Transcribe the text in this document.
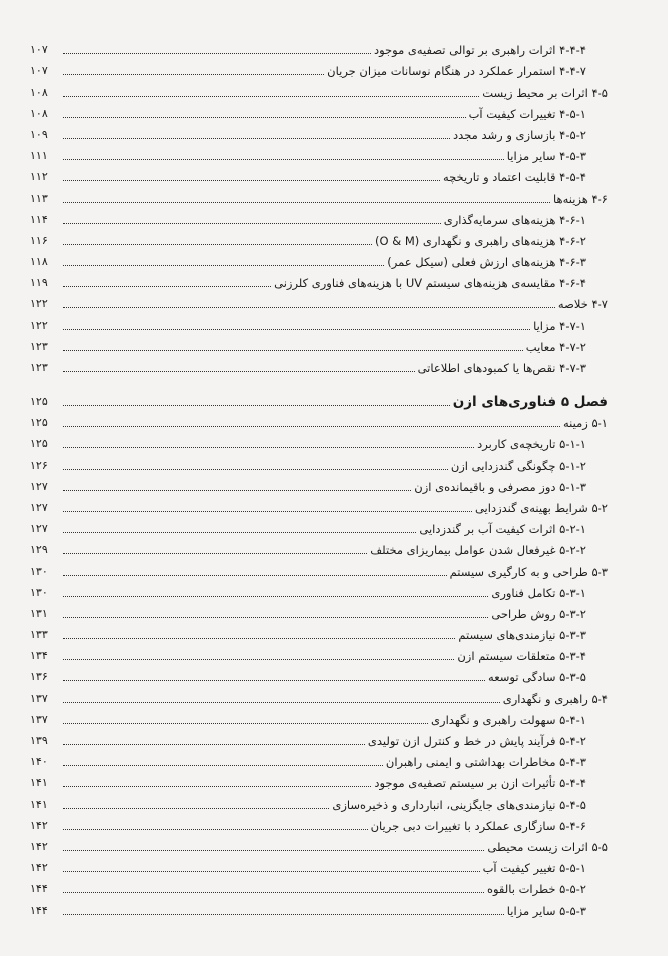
۴-۴-۴ اثرات راهبری بر توالی تصفیه‌ی موجود
۱۰۷
۴-۴-۷ استمرار عملکرد در هنگام نوسانات میزان جریان
۱۰۷
۴-۵ اثرات بر محیط زیست
۱۰۸
۴-۵-۱ تغییرات کیفیت آب
۱۰۸
۴-۵-۲ بازسازی و رشد مجدد
۱۰۹
۴-۵-۳ سایر مزایا
۱۱۱
۴-۵-۴ قابلیت اعتماد و تاریخچه
۱۱۲
۴-۶ هزینه‌ها
۱۱۳
۴-۶-۱ هزینه‌های سرمایه‌گذاری
۱۱۴
۴-۶-۲ هزینه‌های راهبری و نگهداری (O & M)
۱۱۶
۴-۶-۳ هزینه‌های ارزش فعلی (سیکل عمر)
۱۱۸
۴-۶-۴ مقایسه‌ی هزینه‌های سیستم UV با هزینه‌های فناوری کلرزنی
۱۱۹
۴-۷ خلاصه
۱۲۲
۴-۷-۱ مزایا
۱۲۲
۴-۷-۲ معایب
۱۲۳
۴-۷-۳ نقص‌ها یا کمبودهای اطلاعاتی
۱۲۳
فصل ۵ فناوری‌های ازن
۱۲۵
۵-۱ زمینه
۱۲۵
۵-۱-۱ تاریخچه‌ی کاربرد
۱۲۵
۵-۱-۲ چگونگی گندزدایی ازن
۱۲۶
۵-۱-۳ دوز مصرفی و باقیمانده‌ی ازن
۱۲۷
۵-۲ شرایط بهینه‌ی گندزدایی
۱۲۷
۵-۲-۱ اثرات کیفیت آب بر گندزدایی
۱۲۷
۵-۲-۲ غیرفعال شدن عوامل بیماریزای مختلف
۱۲۹
۵-۳ طراحی و به کارگیری سیستم
۱۳۰
۵-۳-۱ تکامل فناوری
۱۳۰
۵-۳-۲ روش طراحی
۱۳۱
۵-۳-۳ نیازمندی‌های سیستم
۱۳۳
۵-۳-۴ متعلقات سیستم ازن
۱۳۴
۵-۳-۵ سادگی توسعه
۱۳۶
۵-۴ راهبری و نگهداری
۱۳۷
۵-۴-۱ سهولت راهبری و نگهداری
۱۳۷
۵-۴-۲ فرآیند پایش در خط و کنترل ازن تولیدی
۱۳۹
۵-۴-۳ مخاطرات بهداشتی و ایمنی راهبران
۱۴۰
۵-۴-۴ تأثیرات ازن بر سیستم تصفیه‌ی موجود
۱۴۱
۵-۴-۵ نیازمندی‌های جایگزینی، انبارداری و ذخیره‌سازی
۱۴۱
۵-۴-۶ سازگاری عملکرد با تغییرات دبی جریان
۱۴۲
۵-۵ اثرات زیست محیطی
۱۴۲
۵-۵-۱ تغییر کیفیت آب
۱۴۲
۵-۵-۲ خطرات بالقوه
۱۴۴
۵-۵-۳ سایر مزایا
۱۴۴
